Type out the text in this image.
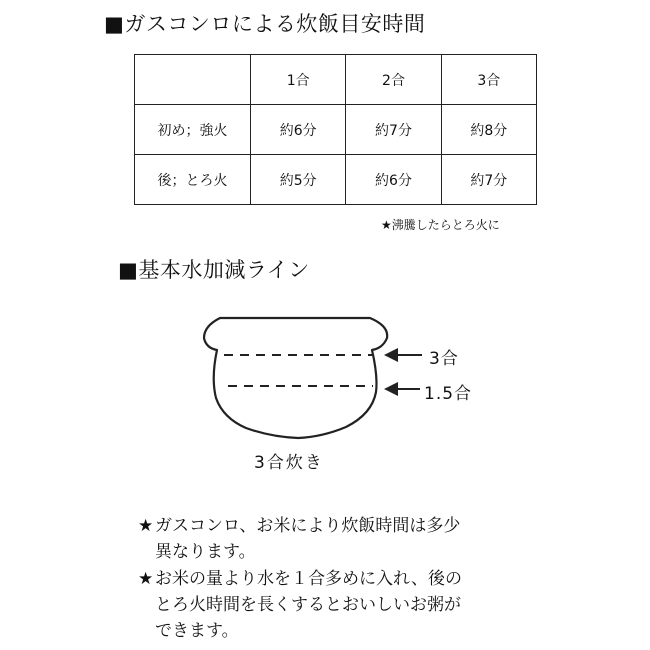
■ガスコンロによる炊飯目安時間
	1合	2合	3合
初め；強火	約6分	約7分	約8分
後；とろ火	約5分	約6分	約7分
★沸騰したらとろ火に
■基本水加減ライン
3合
1.5合
3合炊き
★ ガスコンロ、お米により炊飯時間は多少
異なります。
★ お米の量より水を１合多めに入れ、後の
とろ火時間を長くするとおいしいお粥が
できます。
